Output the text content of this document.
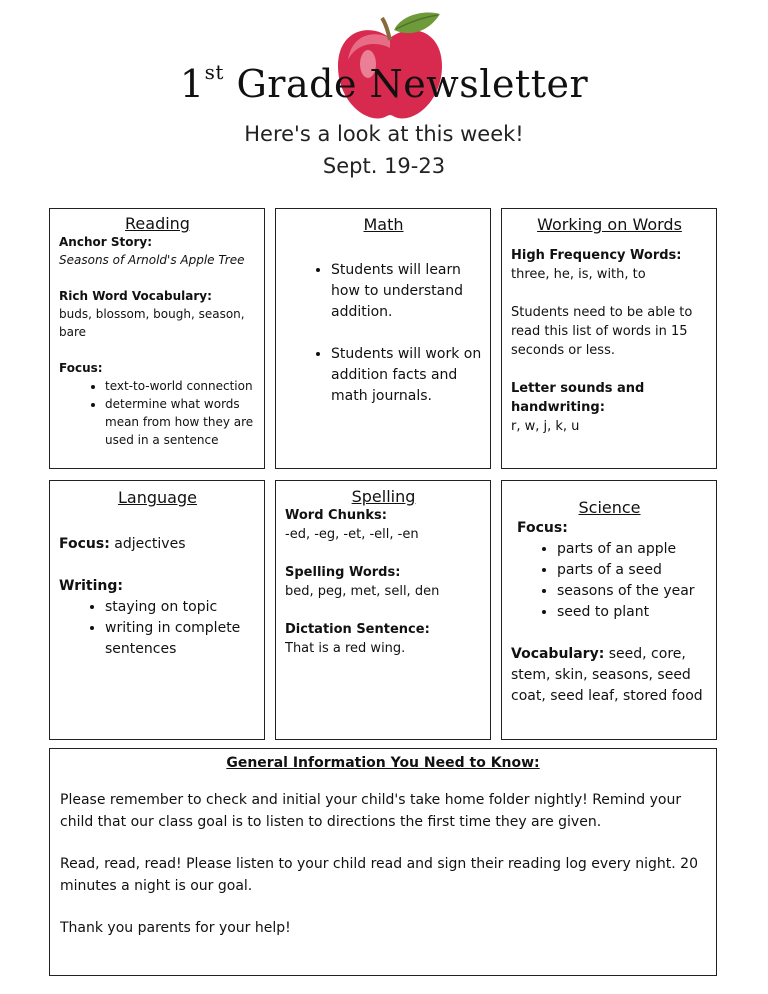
1st Grade Newsletter
Here's a look at this week!
Sept. 19-23
Reading

Anchor Story:

Seasons of Arnold's Apple Tree

Rich Word Vocabulary:

buds, blossom, bough, season, bare

Focus:

• text-to-world connection
• determine what words mean from how they are used in a sentence
Math
• Students will learn how to understand addition.
• Students will work on addition facts and math journals.
Working on Words

High Frequency Words:

three, he, is, with, to

Students need to be able to read this list of words in 15 seconds or less.

Letter sounds and handwriting:

r, w, j, k, u

Language

Focus: adjectives

Writing:

• staying on topic
• writing in complete sentences
Spelling

Word Chunks:

-ed, -eg, -et, -ell, -en

Spelling Words:

bed, peg, met, sell, den

Dictation Sentence:

That is a red wing.

Science

Focus:

• parts of an apple
• parts of a seed
• seasons of the year
• seed to plant

Vocabulary: seed, core, stem, skin, seasons, seed coat, seed leaf, stored food

General Information You Need to Know:

Please remember to check and initial your child's take home folder nightly! Remind your child that our class goal is to listen to directions the first time they are given.

Read, read, read! Please listen to your child read and sign their reading log every night. 20 minutes a night is our goal.

Thank you parents for your help!
